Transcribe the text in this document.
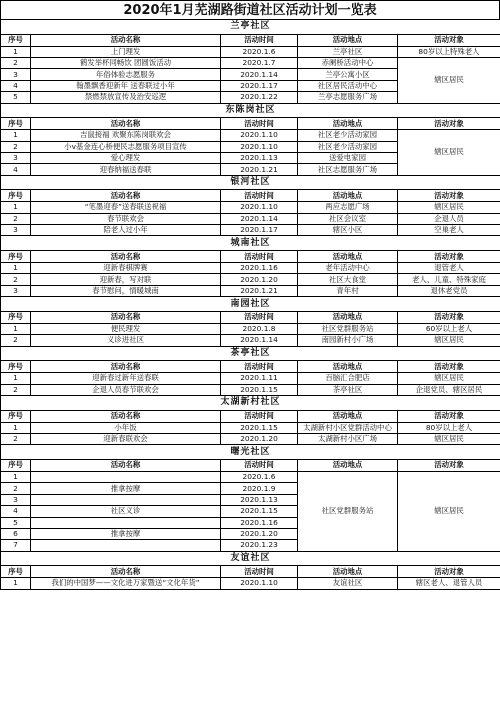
2020年1月芜湖路街道社区活动计划一览表
兰亭社区				
序号	活动名称	活动时间	活动地点	活动对象
1	上门理发	2020.1.6	兰亭社区	80岁以上特殊老人
2	鹤发举杯同畅饮 团圆饭活动	2020.1.7	赤阑桥活动中心	辖区居民
3	年俗体验志愿服务	2020.1.14	兰亭公寓小区	
4	翰墨飘香迎新年 送春联过小年	2020.1.17	社区居民活动中心	
5	禁燃禁放宣传及治安巡逻	2020.1.22	兰亭志愿服务广场	
东陈岗社区				
序号	活动名称	活动时间	活动地点	活动对象
1	吉鼠接福 欢聚东陈岗联欢会	2020.1.10	社区老少活动家园	辖区居民
2	小v基金连心桥便民志愿服务项目宣传	2020.1.10	社区老少活动家园	
3	爱心理发	2020.1.13	送爱电家园	
4	迎春纳福送春联	2020.1.21	社区志愿服务广场	
银河社区				
序号	活动名称	活动时间	活动地点	活动对象
1	“笔墨迎春”送春联送祝福	2020.1.10	两应志愿广场	辖区居民
2	春节联欢会	2020.1.14	社区会议室	企退人员
3	陪老人过小年	2020.1.17	辖区小区	空巢老人
城南社区				
序号	活动名称	活动时间	活动地点	活动对象
1	迎新春棋牌赛	2020.1.16	老年活动中心	退管老人
2	迎新春，写对联	2020.1.20	社区大食堂	老人、儿童、特殊家庭
3	春节慰问，情暖城南	2020.1.21	青年村	退休老党员
南园社区				
序号	活动名称	活动时间	活动地点	活动对象
1	便民理发	2020.1.8	社区党群服务站	60岁以上老人
2	义诊进社区	2020.1.14	南园新村小广场	辖区居民
茶亭社区				
序号	活动名称	活动时间	活动地点	活动对象
1	迎新春过新年送春联	2020.1.11	百脑汇合肥店	辖区居民
2	企退人员春节联欢会	2020.1.15	茶亭社区	企退党员、辖区居民
太湖新村社区				
序号	活动名称	活动时间	活动地点	活动对象
1	小年饭	2020.1.15	太湖新村小区党群活动中心	80岁以上老人
2	迎新春联欢会	2020.1.20	太湖新村小区广场	辖区居民
曙光社区				
序号	活动名称	活动时间	活动地点	活动对象
1		2020.1.6	社区党群服务站	辖区居民
2	推拿按摩	2020.1.9		
3		2020.1.13		
4	社区义诊	2020.1.15		
5		2020.1.16		
6	推拿按摩	2020.1.20		
7		2020.1.23		
友谊社区				
序号	活动名称	活动时间	活动地点	活动对象
1	我们的中国梦——文化进万家暨送“文化年货”	2020.1.10	友谊社区	辖区老人、退管人员
